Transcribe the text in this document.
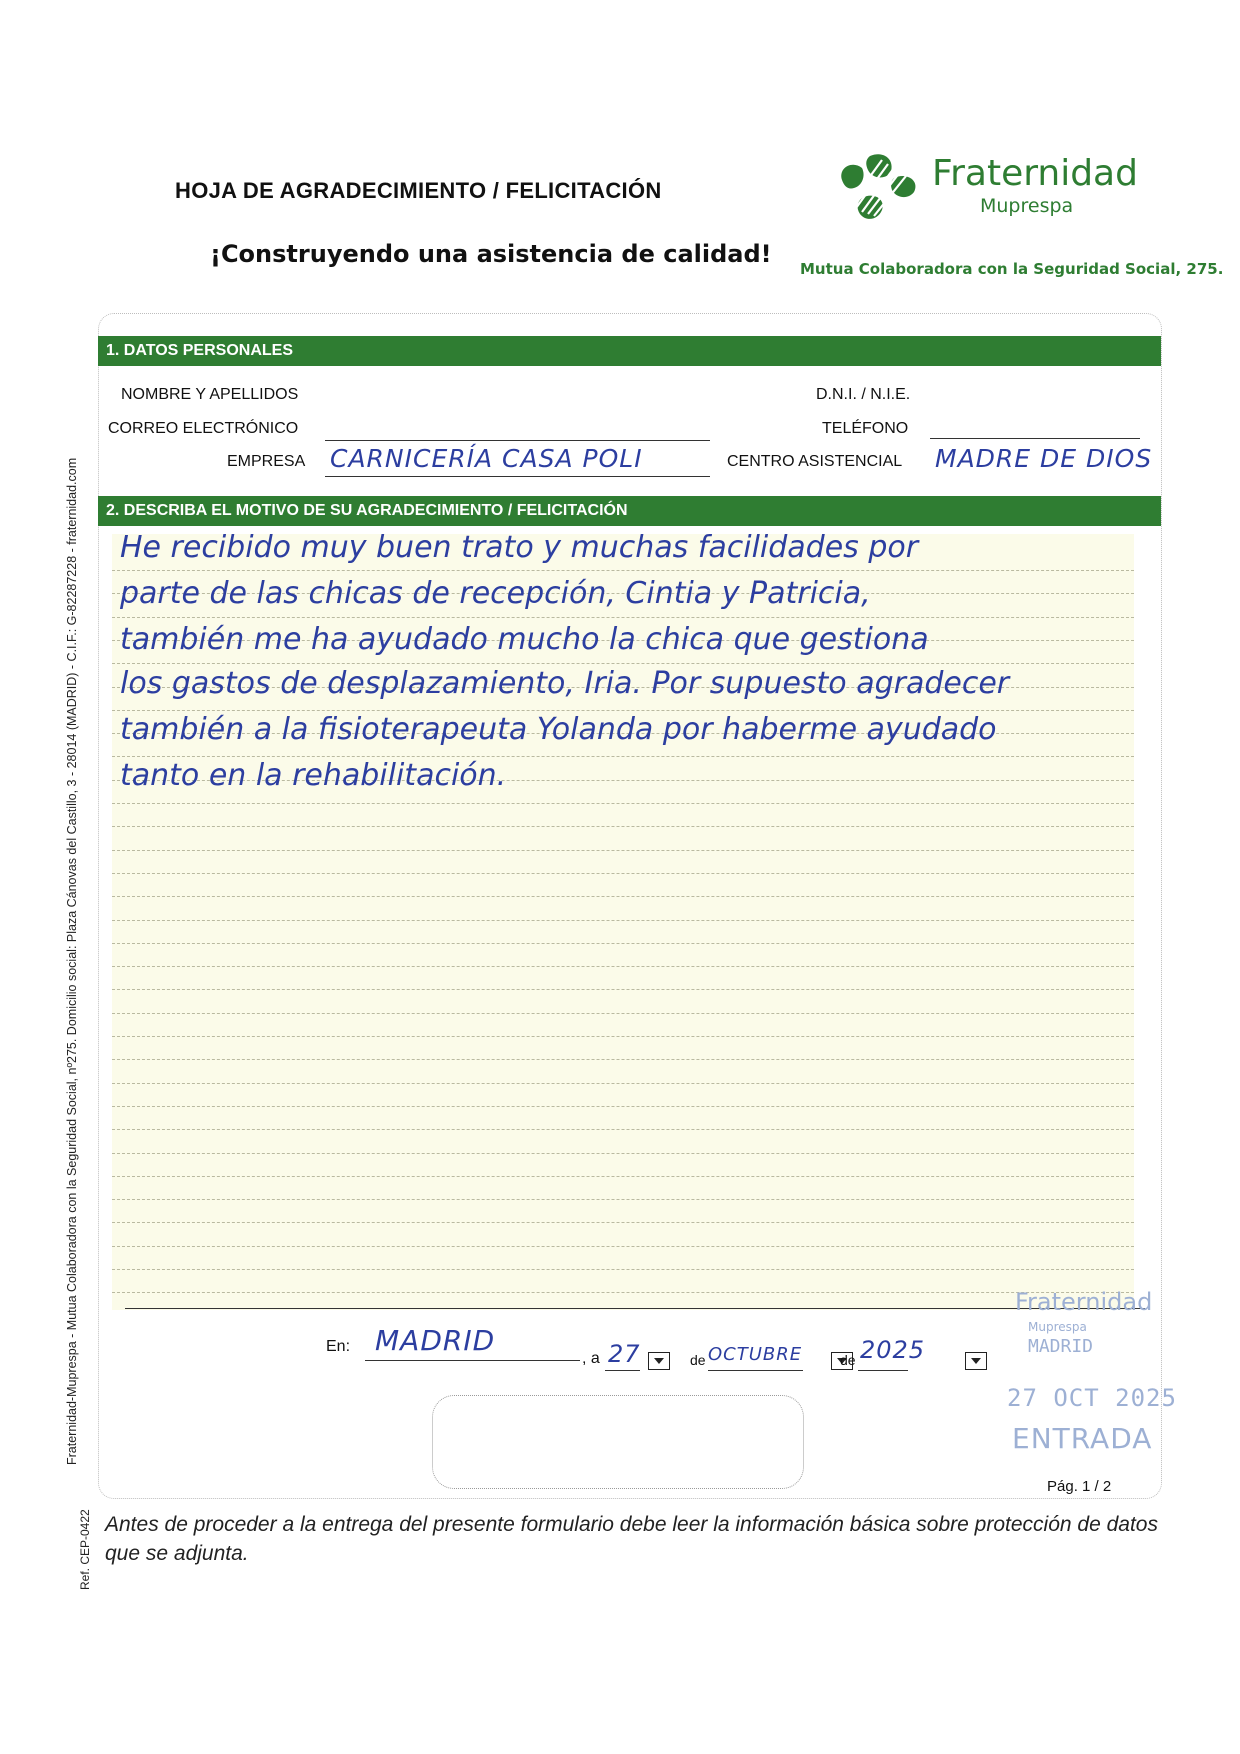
HOJA DE AGRADECIMIENTO / FELICITACIÓN
¡Construyendo una asistencia de calidad!
Fraternidad
Muprespa
Mutua Colaboradora con la Seguridad Social, 275.
Fraternidad-Muprespa - Mutua Colaboradora con la Seguridad Social, nº275. Domicilio social: Plaza Cánovas del Castillo, 3 - 28014 (MADRID) - C.I.F.: G-82287228 - fraternidad.com
Ref. CEP-0422
1. DATOS PERSONALES
NOMBRE Y APELLIDOS	D.N.I. / N.I.E.
CORREO ELECTRÓNICO	TELÉFONO
EMPRESA CARNICERÍA CASA POLI	CENTRO ASISTENCIAL MADRE DE DIOS
2. DESCRIBA EL MOTIVO DE SU AGRADECIMIENTO / FELICITACIÓN
He recibido muy buen trato y muchas facilidades por
parte de las chicas de recepción, Cintia y Patricia,
también me ha ayudado mucho la chica que gestiona
los gastos de desplazamiento, Iria. Por supuesto agradecer
también a la fisioterapeuta Yolanda por haberme ayudado
tanto en la rehabilitación.
En: MADRID
, a 27
	de OCTUBRE
	de 2025
Fraternidad
Muprespa
MADRID
27 OCT 2025
ENTRADA
Pág. 1 / 2
Antes de proceder a la entrega del presente formulario debe leer la información básica sobre protección de datos que se adjunta.
